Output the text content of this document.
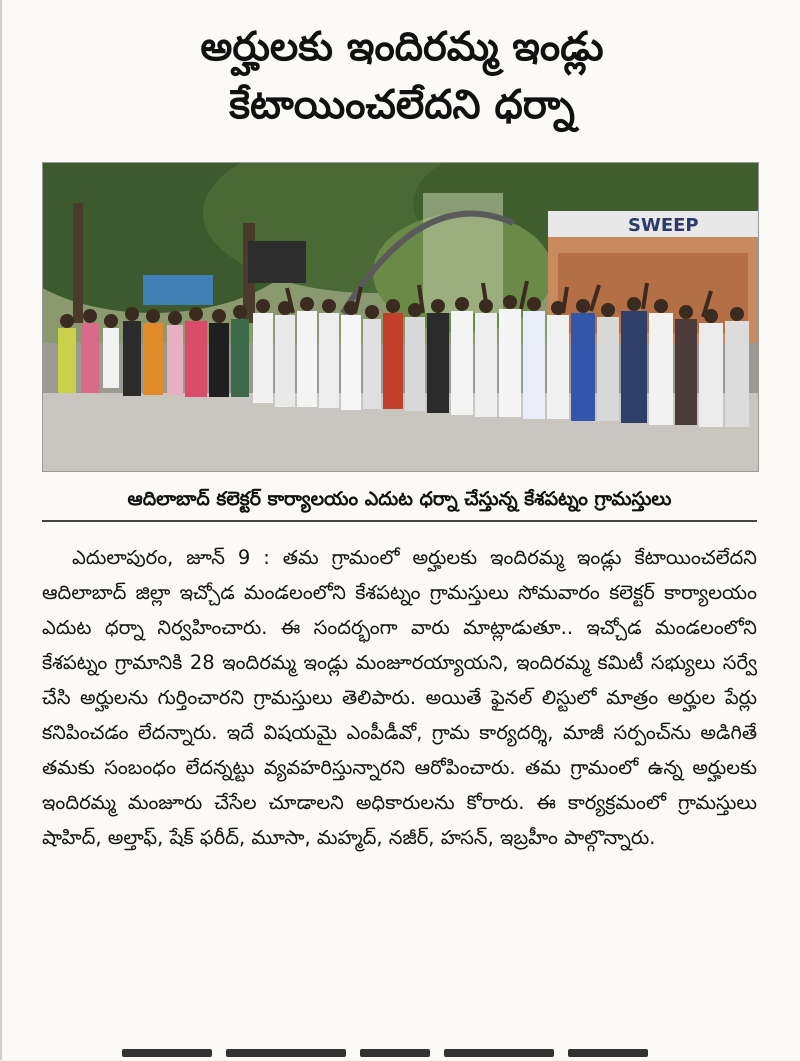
అర్హులకు ఇందిరమ్మ ఇండ్లు
కేటాయించలేదని ధర్నా
SWEEP
ఆదిలాబాద్ కలెక్టర్ కార్యాలయం ఎదుట ధర్నా చేస్తున్న కేశపట్నం గ్రామస్తులు

ఎదులాపురం, జూన్ 9 : తమ గ్రామంలో అర్హులకు ఇందిరమ్మ ఇండ్లు కేటాయించలేదని ఆదిలాబాద్ జిల్లా ఇచ్చోడ మండలంలోని కేశపట్నం గ్రామస్తులు సోమవారం కలెక్టర్ కార్యాలయం ఎదుట ధర్నా నిర్వహించారు. ఈ సందర్భంగా వారు మాట్లాడుతూ.. ఇచ్చోడ మండలంలోని కేశపట్నం గ్రామానికి 28 ఇందిరమ్మ ఇండ్లు మంజూరయ్యాయని, ఇందిరమ్మ కమిటీ సభ్యులు సర్వే చేసి అర్హులను గుర్తించారని గ్రామస్తులు తెలిపారు. అయితే ఫైనల్ లిస్టులో మాత్రం అర్హుల పేర్లు కనిపించడం లేదన్నారు. ఇదే విషయమై ఎంపీడీవో, గ్రామ కార్యదర్శి, మాజీ సర్పంచ్‌ను అడిగితే తమకు సంబంధం లేదన్నట్టు వ్యవహరిస్తున్నారని ఆరోపించారు. తమ గ్రామంలో ఉన్న అర్హులకు ఇందిరమ్మ మంజూరు చేసేల చూడాలని అధికారులను కోరారు. ఈ కార్యక్రమంలో గ్రామస్తులు షాహిద్, అల్తాఫ్, షేక్ ఫరీద్, మూసా, మహ్మద్, నజీర్, హసన్, ఇబ్రహీం పాల్గొన్నారు.
